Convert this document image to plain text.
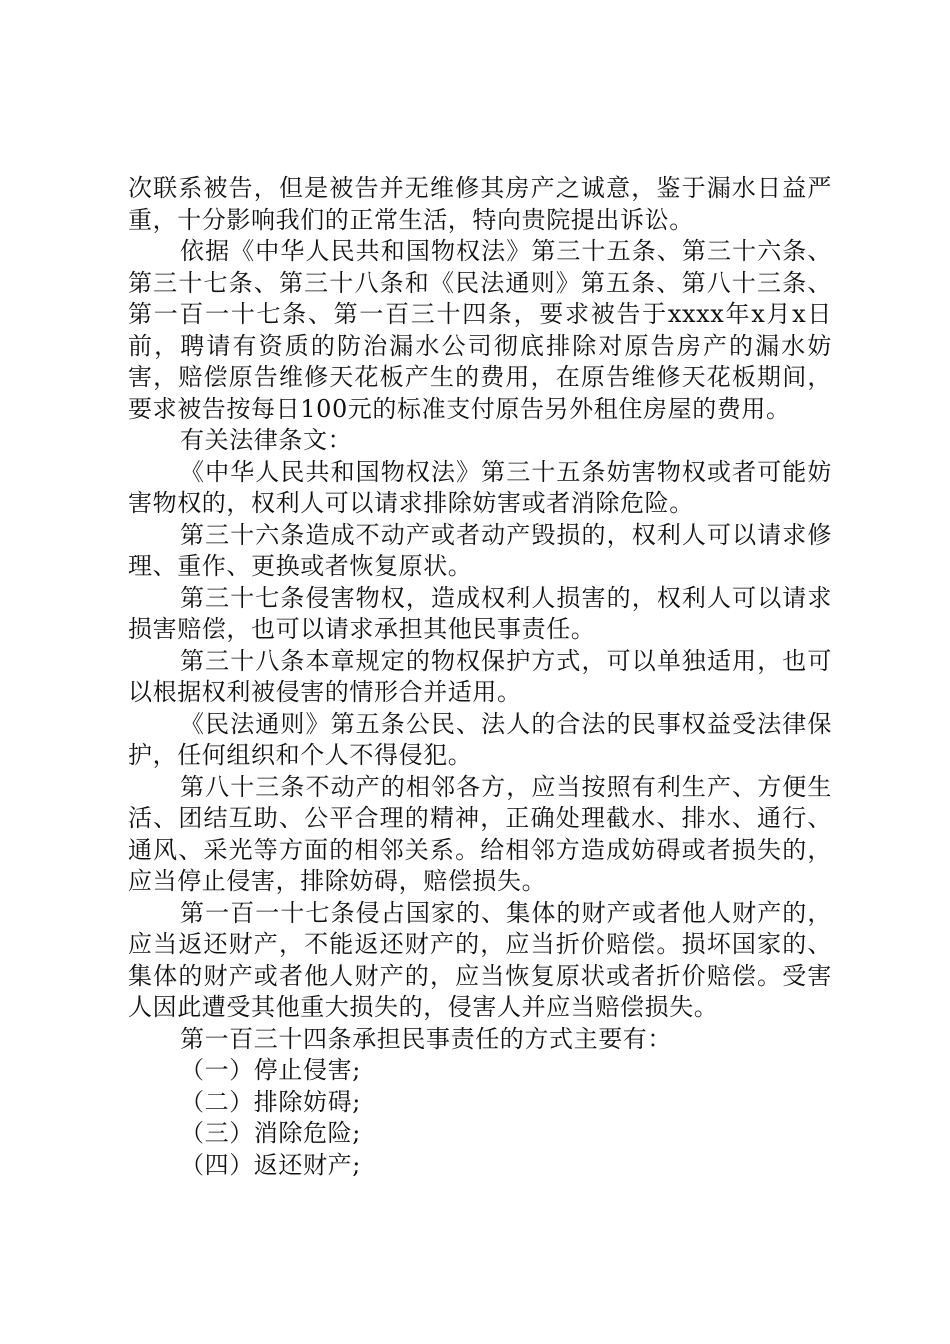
次联系被告，但是被告并无维修其房产之诚意，鉴于漏水日益严重，十分影响我们的正常生活，特向贵院提出诉讼。

依据《中华人民共和国物权法》第三十五条、第三十六条、第三十七条、第三十八条和《民法通则》第五条、第八十三条、第一百一十七条、第一百三十四条，要求被告于xxxx年x月x日前，聘请有资质的防治漏水公司彻底排除对原告房产的漏水妨害，赔偿原告维修天花板产生的费用，在原告维修天花板期间，要求被告按每日100元的标准支付原告另外租住房屋的费用。

有关法律条文：

《中华人民共和国物权法》第三十五条妨害物权或者可能妨害物权的，权利人可以请求排除妨害或者消除危险。

第三十六条造成不动产或者动产毁损的，权利人可以请求修理、重作、更换或者恢复原状。

第三十七条侵害物权，造成权利人损害的，权利人可以请求损害赔偿，也可以请求承担其他民事责任。

第三十八条本章规定的物权保护方式，可以单独适用，也可以根据权利被侵害的情形合并适用。

《民法通则》第五条公民、法人的合法的民事权益受法律保护，任何组织和个人不得侵犯。

第八十三条不动产的相邻各方，应当按照有利生产、方便生活、团结互助、公平合理的精神，正确处理截水、排水、通行、通风、采光等方面的相邻关系。给相邻方造成妨碍或者损失的，应当停止侵害，排除妨碍，赔偿损失。

第一百一十七条侵占国家的、集体的财产或者他人财产的，应当返还财产，不能返还财产的，应当折价赔偿。损坏国家的、集体的财产或者他人财产的，应当恢复原状或者折价赔偿。受害人因此遭受其他重大损失的，侵害人并应当赔偿损失。

第一百三十四条承担民事责任的方式主要有：

（一）停止侵害;

（二）排除妨碍;

（三）消除危险;

（四）返还财产;
